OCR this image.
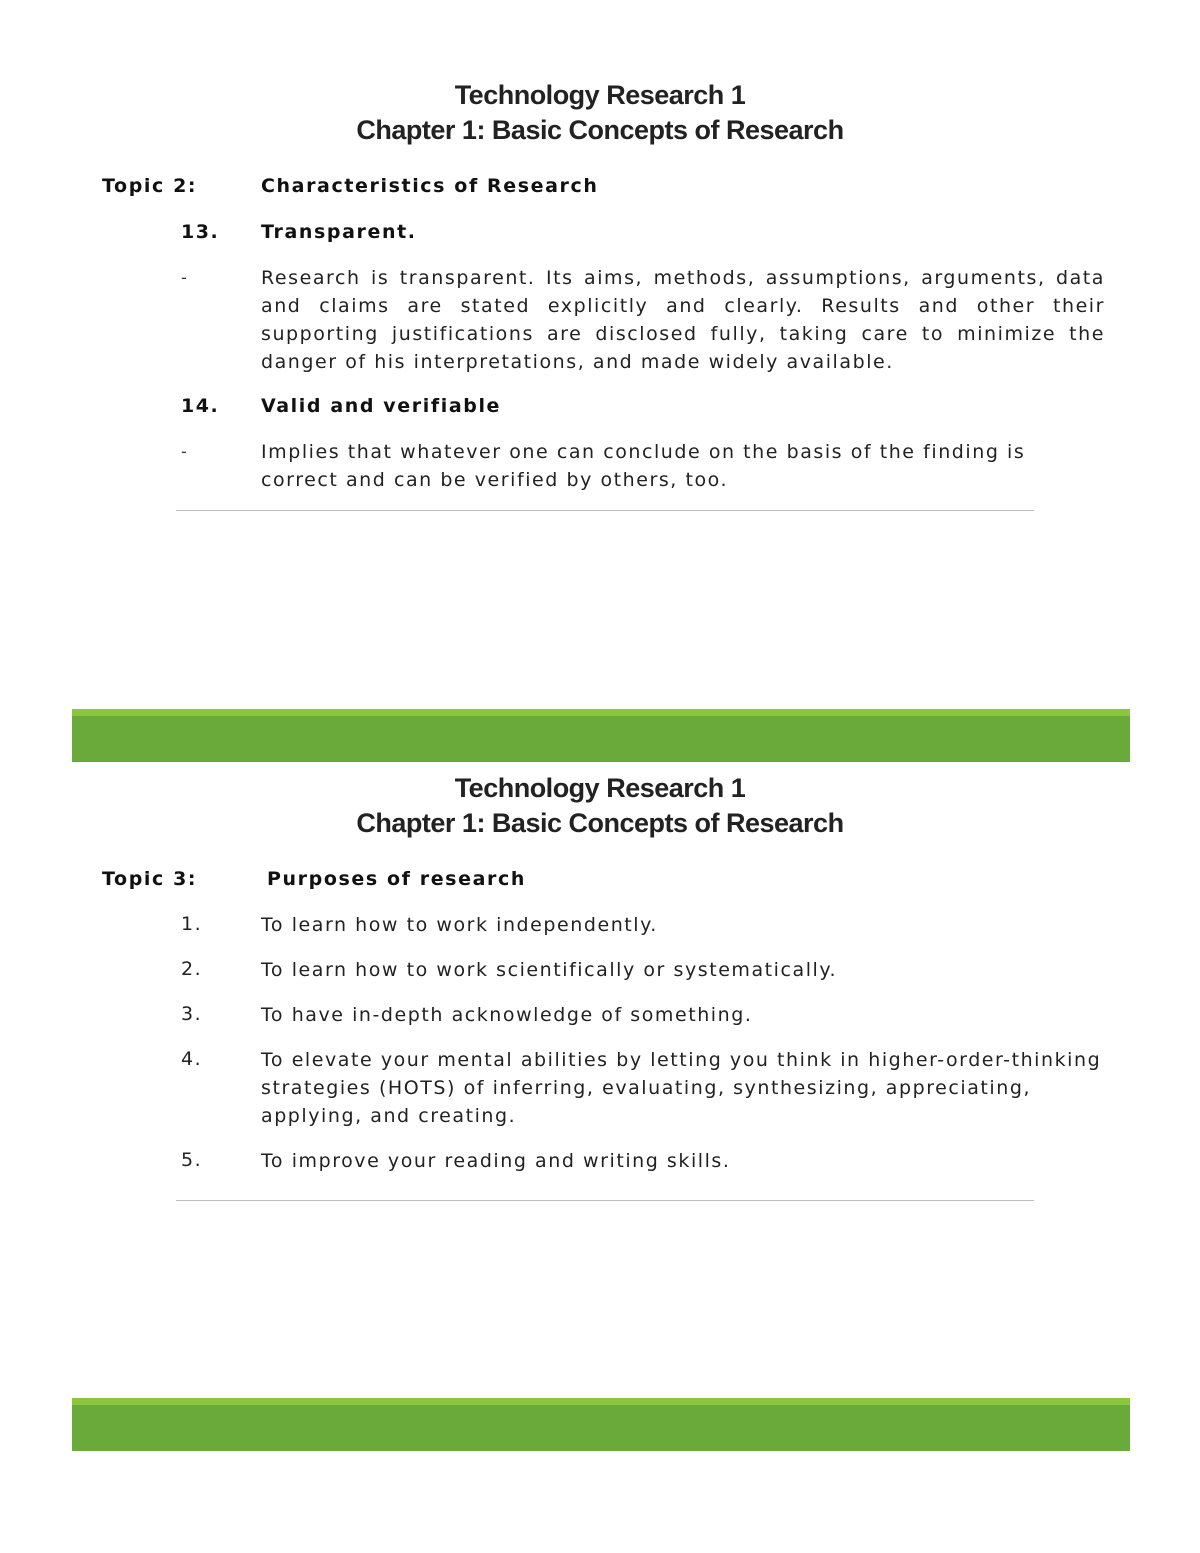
Technology Research 1
Chapter 1: Basic Concepts of Research
Topic 2:	Characteristics of Research
13. Transparent.
-	Research is transparent. Its aims, methods, assumptions, arguments, data and claims are stated explicitly and clearly. Results and other their supporting justifications are disclosed fully, taking care to minimize the danger of his interpretations, and made widely available.
14. Valid and verifiable
-	Implies that whatever one can conclude on the basis of the finding is correct and can be verified by others, too.
Technology Research 1
Chapter 1: Basic Concepts of Research
Topic 3:	Purposes of research
1.	To learn how to work independently.
2.	To learn how to work scientifically or systematically.
3.	To have in-depth acknowledge of something.
4.	To elevate your mental abilities by letting you think in higher-order-thinking strategies (HOTS) of inferring, evaluating, synthesizing, appreciating, applying, and creating.
5.	To improve your reading and writing skills.
